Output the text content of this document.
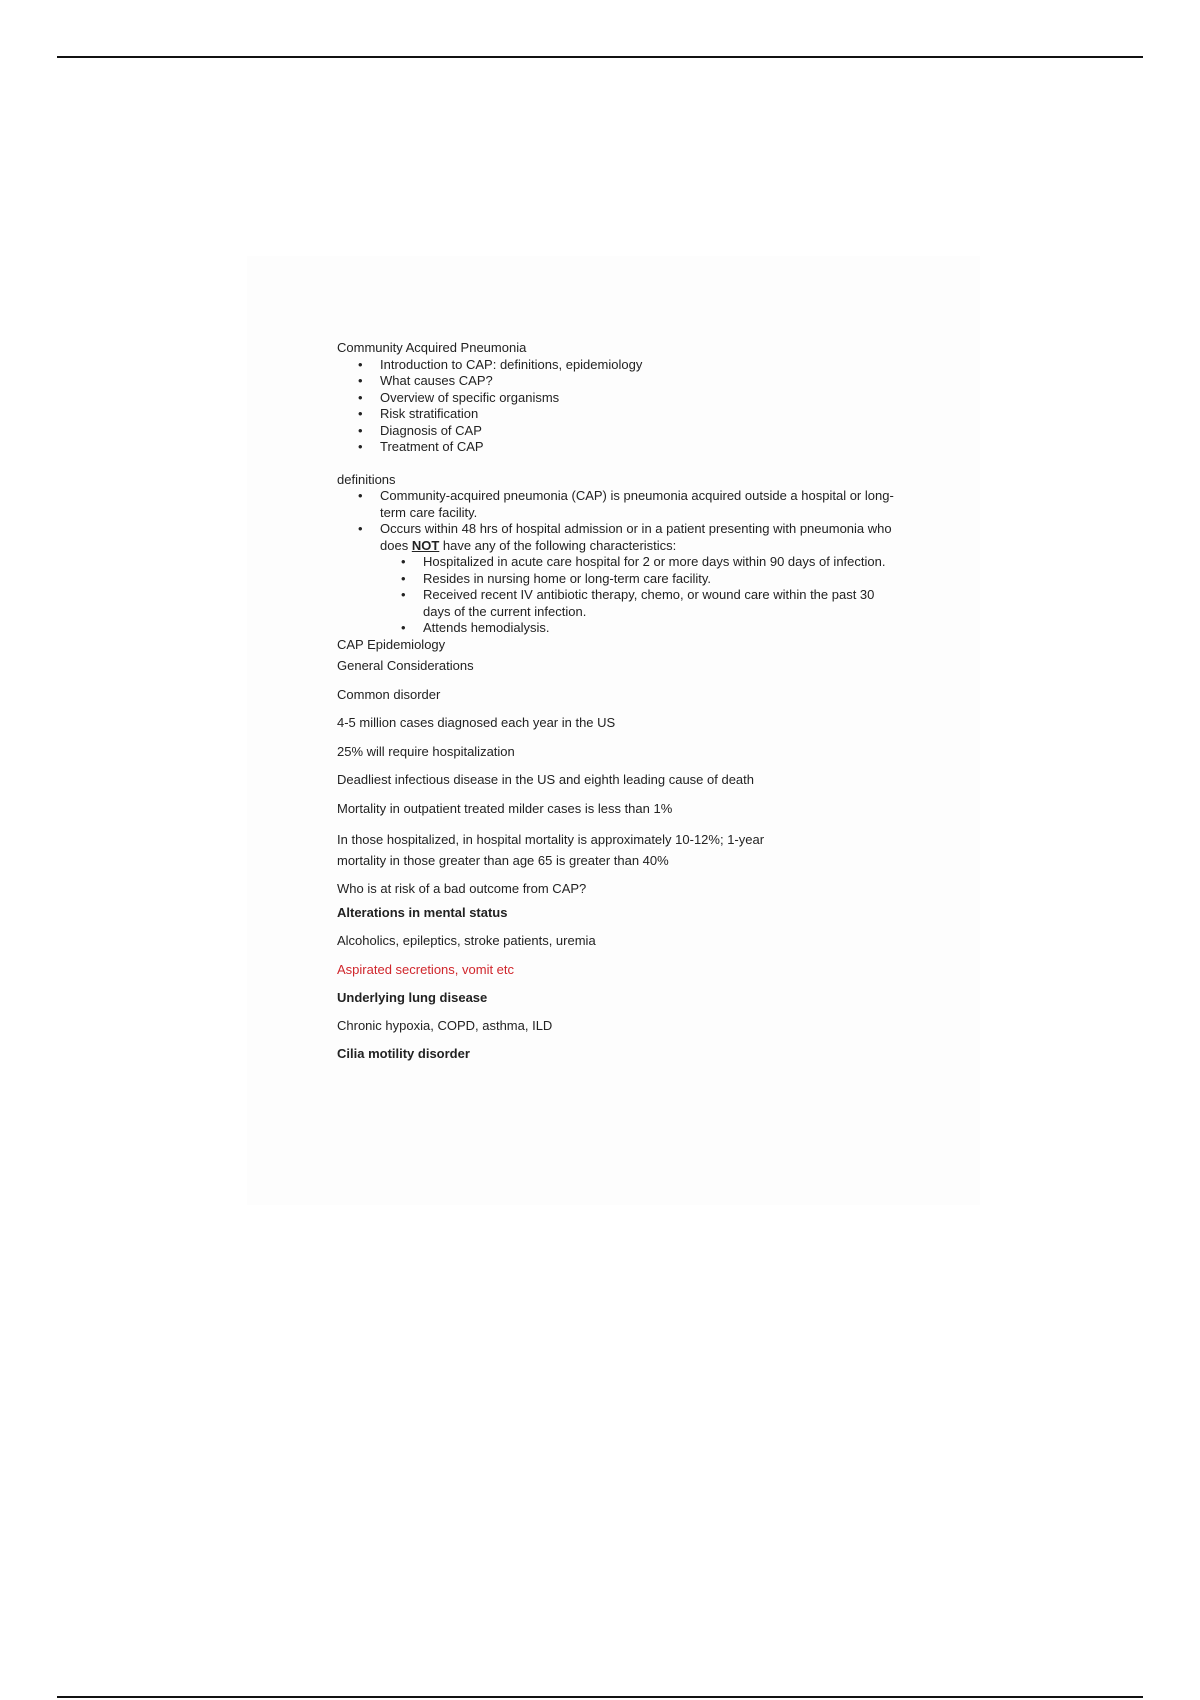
Community Acquired Pneumonia

• Introduction to CAP: definitions, epidemiology
• What causes CAP?
• Overview of specific organisms
• Risk stratification
• Diagnosis of CAP
• Treatment of CAP

definitions

• Community-acquired pneumonia (CAP) is pneumonia acquired outside a hospital or long-term care facility.
• Occurs within 48 hrs of hospital admission or in a patient presenting with pneumonia who does NOT have any of the following characteristics:
• Hospitalized in acute care hospital for 2 or more days within 90 days of infection.
• Resides in nursing home or long-term care facility.
• Received recent IV antibiotic therapy, chemo, or wound care within the past 30 days of the current infection.
• Attends hemodialysis.

CAP Epidemiology

General Considerations

Common disorder

4-5 million cases diagnosed each year in the US

25% will require hospitalization

Deadliest infectious disease in the US and eighth leading cause of death

Mortality in outpatient treated milder cases is less than 1%

In those hospitalized, in hospital mortality is approximately 10-12%; 1-year mortality in those greater than age 65 is greater than 40%

Who is at risk of a bad outcome from CAP?

Alterations in mental status

Alcoholics, epileptics, stroke patients, uremia

Aspirated secretions, vomit etc

Underlying lung disease

Chronic hypoxia, COPD, asthma, ILD

Cilia motility disorder
